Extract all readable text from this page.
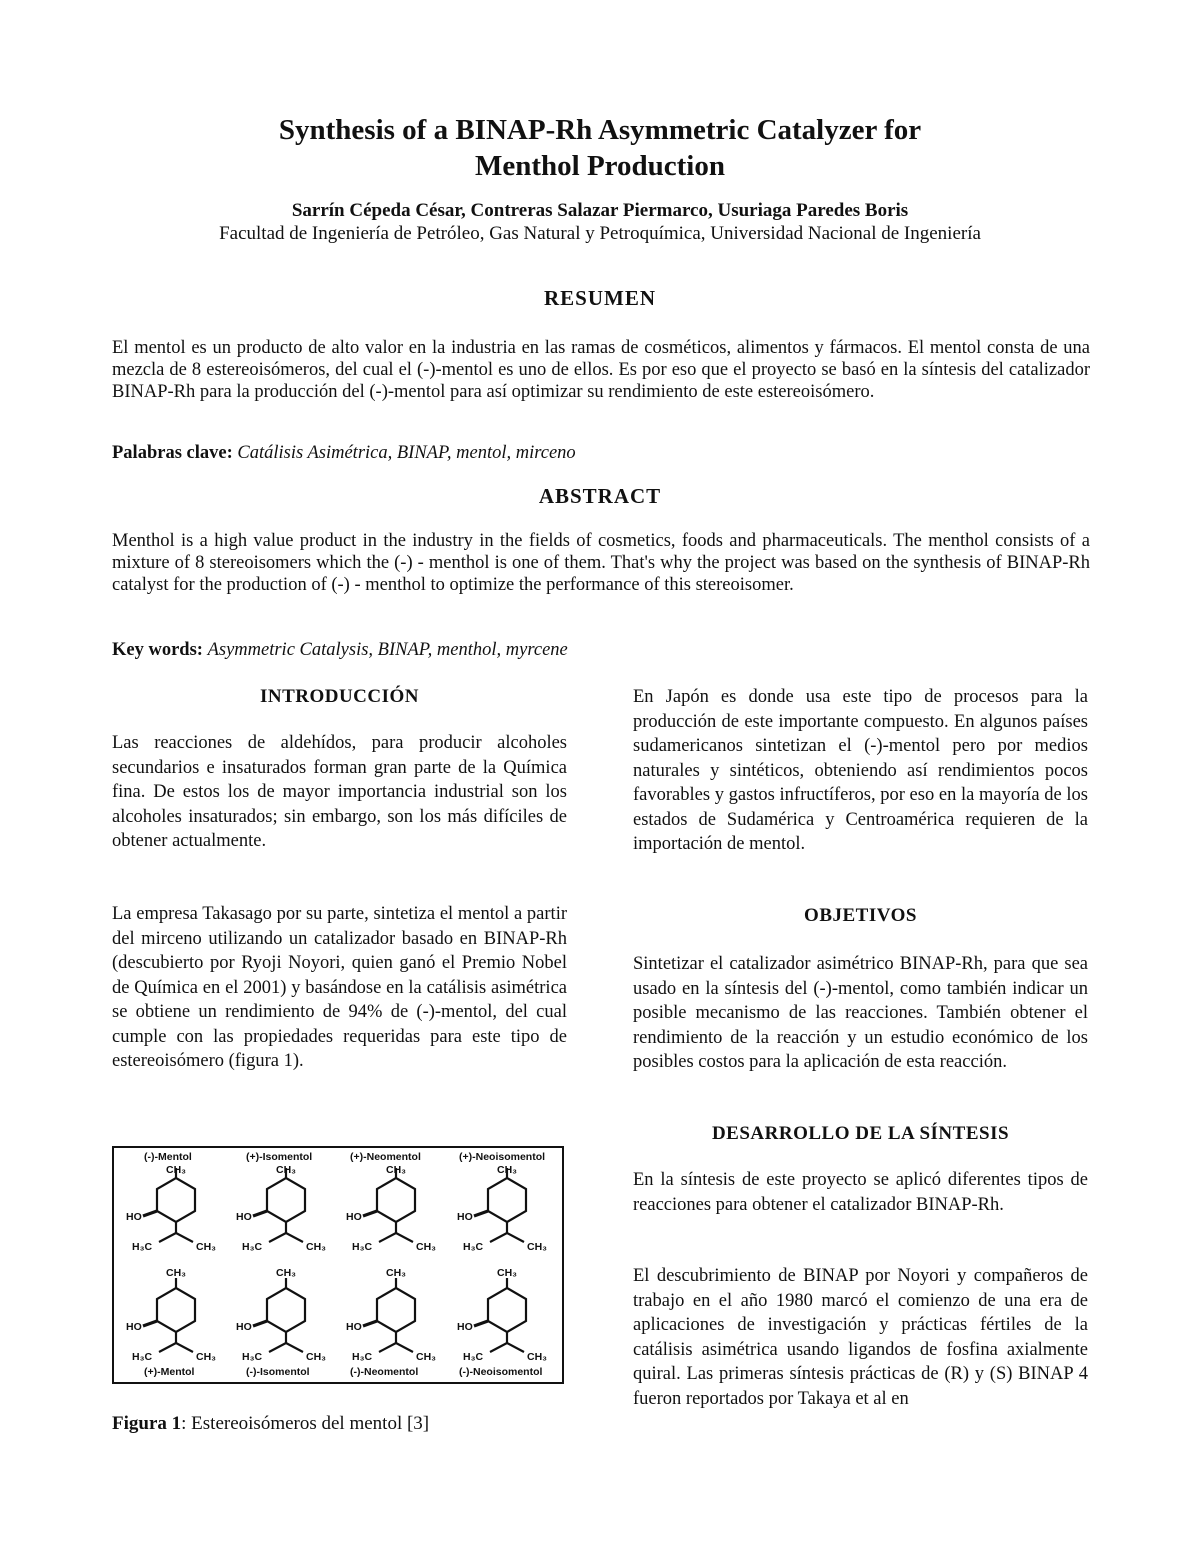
Synthesis of a BINAP-Rh Asymmetric Catalyzer for
Menthol Production
Sarrín Cépeda César, Contreras Salazar Piermarco, Usuriaga Paredes Boris
Facultad de Ingeniería de Petróleo, Gas Natural y Petroquímica, Universidad Nacional de Ingeniería
RESUMEN
El mentol es un producto de alto valor en la industria en las ramas de cosméticos, alimentos y fármacos. El mentol consta de una mezcla de 8 estereoisómeros, del cual el (-)-mentol es uno de ellos. Es por eso que el proyecto se basó en la síntesis del catalizador BINAP-Rh para la producción del (-)-mentol para así optimizar su rendimiento de este estereoisómero.
Palabras clave: Catálisis Asimétrica, BINAP, mentol, mirceno
ABSTRACT
Menthol is a high value product in the industry in the fields of cosmetics, foods and pharmaceuticals. The menthol consists of a mixture of 8 stereoisomers which the (-) - menthol is one of them. That's why the project was based on the synthesis of BINAP-Rh catalyst for the production of (-) - menthol to optimize the performance of this stereoisomer.
Key words: Asymmetric Catalysis, BINAP, menthol, myrcene
INTRODUCCIÓN
Las reacciones de aldehídos, para producir alcoholes secundarios e insaturados forman gran parte de la Química fina. De estos los de mayor importancia industrial son los alcoholes insaturados; sin embargo, son los más difíciles de obtener actualmente.
La empresa Takasago por su parte, sintetiza el mentol a partir del mirceno utilizando un catalizador basado en BINAP-Rh (descubierto por Ryoji Noyori, quien ganó el Premio Nobel de Química en el 2001) y basándose en la catálisis asimétrica se obtiene un rendimiento de 94% de (-)-mentol, del cual cumple con las propiedades requeridas para este tipo de estereoisómero (figura 1).
(-)-Mentol	(+)-Isomentol	(+)-Neomentol	(+)-Neoisomentol
CH₃	CH₃	CH₃	CH₃
HO	HO	HO	HO
H₃C	H₃C	H₃C	H₃C
CH₃	CH₃	CH₃	CH₃
CH₃	CH₃	CH₃	CH₃
HO	HO	HO	HO
H₃C	H₃C	H₃C	H₃C
CH₃	CH₃	CH₃	CH₃
(+)-Mentol	(-)-Isomentol	(-)-Neomentol	(-)-Neoisomentol
Figura 1: Estereoisómeros del mentol [3]
En Japón es donde usa este tipo de procesos para la producción de este importante compuesto. En algunos países sudamericanos sintetizan el (-)-mentol pero por medios naturales y sintéticos, obteniendo así rendimientos pocos favorables y gastos infructíferos, por eso en la mayoría de los estados de Sudamérica y Centroamérica requieren de la importación de mentol.
OBJETIVOS
Sintetizar el catalizador asimétrico BINAP-Rh, para que sea usado en la síntesis del (-)-mentol, como también indicar un posible mecanismo de las reacciones. También obtener el rendimiento de la reacción y un estudio económico de los posibles costos para la aplicación de esta reacción.
DESARROLLO DE LA SÍNTESIS
En la síntesis de este proyecto se aplicó diferentes tipos de reacciones para obtener el catalizador BINAP-Rh.
El descubrimiento de BINAP por Noyori y compañeros de trabajo en el año 1980 marcó el comienzo de una era de aplicaciones de investigación y prácticas fértiles de la catálisis asimétrica usando ligandos de fosfina axialmente quiral. Las primeras síntesis prácticas de (R) y (S) BINAP 4 fueron reportados por Takaya et al en
